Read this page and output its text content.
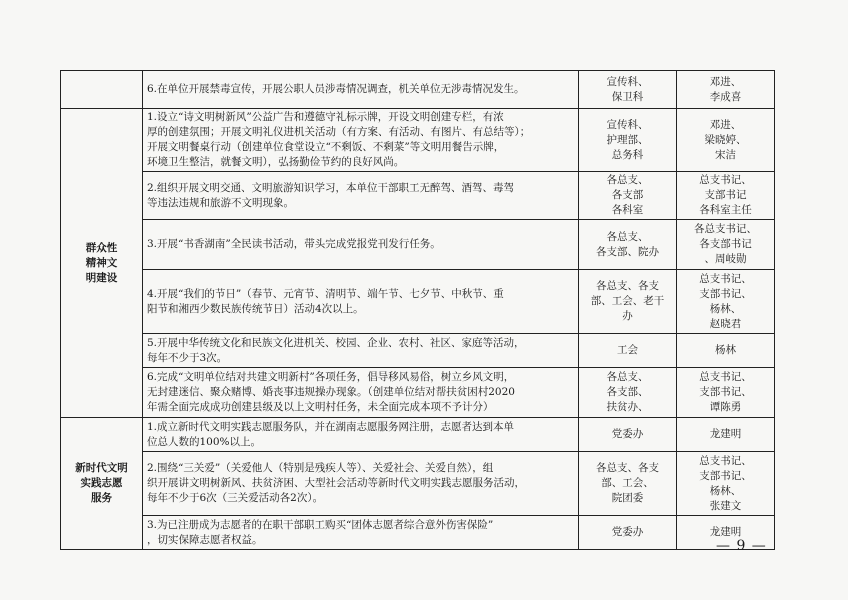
	6.在单位开展禁毒宣传，开展公职人员涉毒情况调查，机关单位无涉毒情况发生。	宣传科、
保卫科	邓进、
李成喜

群众性
精神文
明建设	1.设立“诗文明树新风”公益广告和遵德守礼标示牌，开设文明创建专栏，有浓
厚的创建氛围；开展文明礼仪进机关活动（有方案、有活动、有图片、有总结等）；
开展文明餐桌行动（创建单位食堂设立“不剩饭、不剩菜”等文明用餐告示牌，
环境卫生整洁，就餐文明），弘扬勤俭节约的良好风尚。	宣传科、
护理部、
总务科	邓进、
梁晓婷、
宋洁

	2.组织开展文明交通、文明旅游知识学习，本单位干部职工无醉驾、酒驾、毒驾
等违法违规和旅游不文明现象。	各总支、
各支部
各科室	总支书记、
支部书记
各科室主任

	3.开展“书香湖南”全民读书活动，带头完成党报党刊发行任务。	各总支、
各支部、院办	各总支书记、
各支部书记
、周岐勋

	4.开展“我们的节日”（春节、元宵节、清明节、端午节、七夕节、中秋节、重
阳节和湘西少数民族传统节日）活动4次以上。	各总支、各支
部、工会、老干
办	总支书记、
支部书记、
杨林、
赵晓君

	5.开展中华传统文化和民族文化进机关、校园、企业、农村、社区、家庭等活动，
每年不少于3次。	工会	杨林

	6.完成“文明单位结对共建文明新村”各项任务，倡导移风易俗，树立乡风文明，
无封建迷信、聚众赌博、婚丧事违规操办现象。（创建单位结对帮扶贫困村2020
年需全面完成成功创建县级及以上文明村任务，未全面完成本项不予计分）	各总支、
各支部、
扶贫办、	总支书记、
支部书记、
谭陈勇

新时代文明
实践志愿
服务	1.成立新时代文明实践志愿服务队，并在湖南志愿服务网注册，志愿者达到本单
位总人数的100%以上。	党委办	龙建明

	2.围绕“三关爱”（关爱他人（特别是残疾人等）、关爱社会、关爱自然），组
织开展讲文明树新风、扶贫济困、大型社会活动等新时代文明实践志愿服务活动，
每年不少于6次（三关爱活动各2次）。	各总支、各支
部、工会、
院团委	总支书记、
支部书记、
杨林、
张建文

	3.为已注册成为志愿者的在职干部职工购买“团体志愿者综合意外伤害保险”
，切实保障志愿者权益。	党委办	龙建明
— 9 —
